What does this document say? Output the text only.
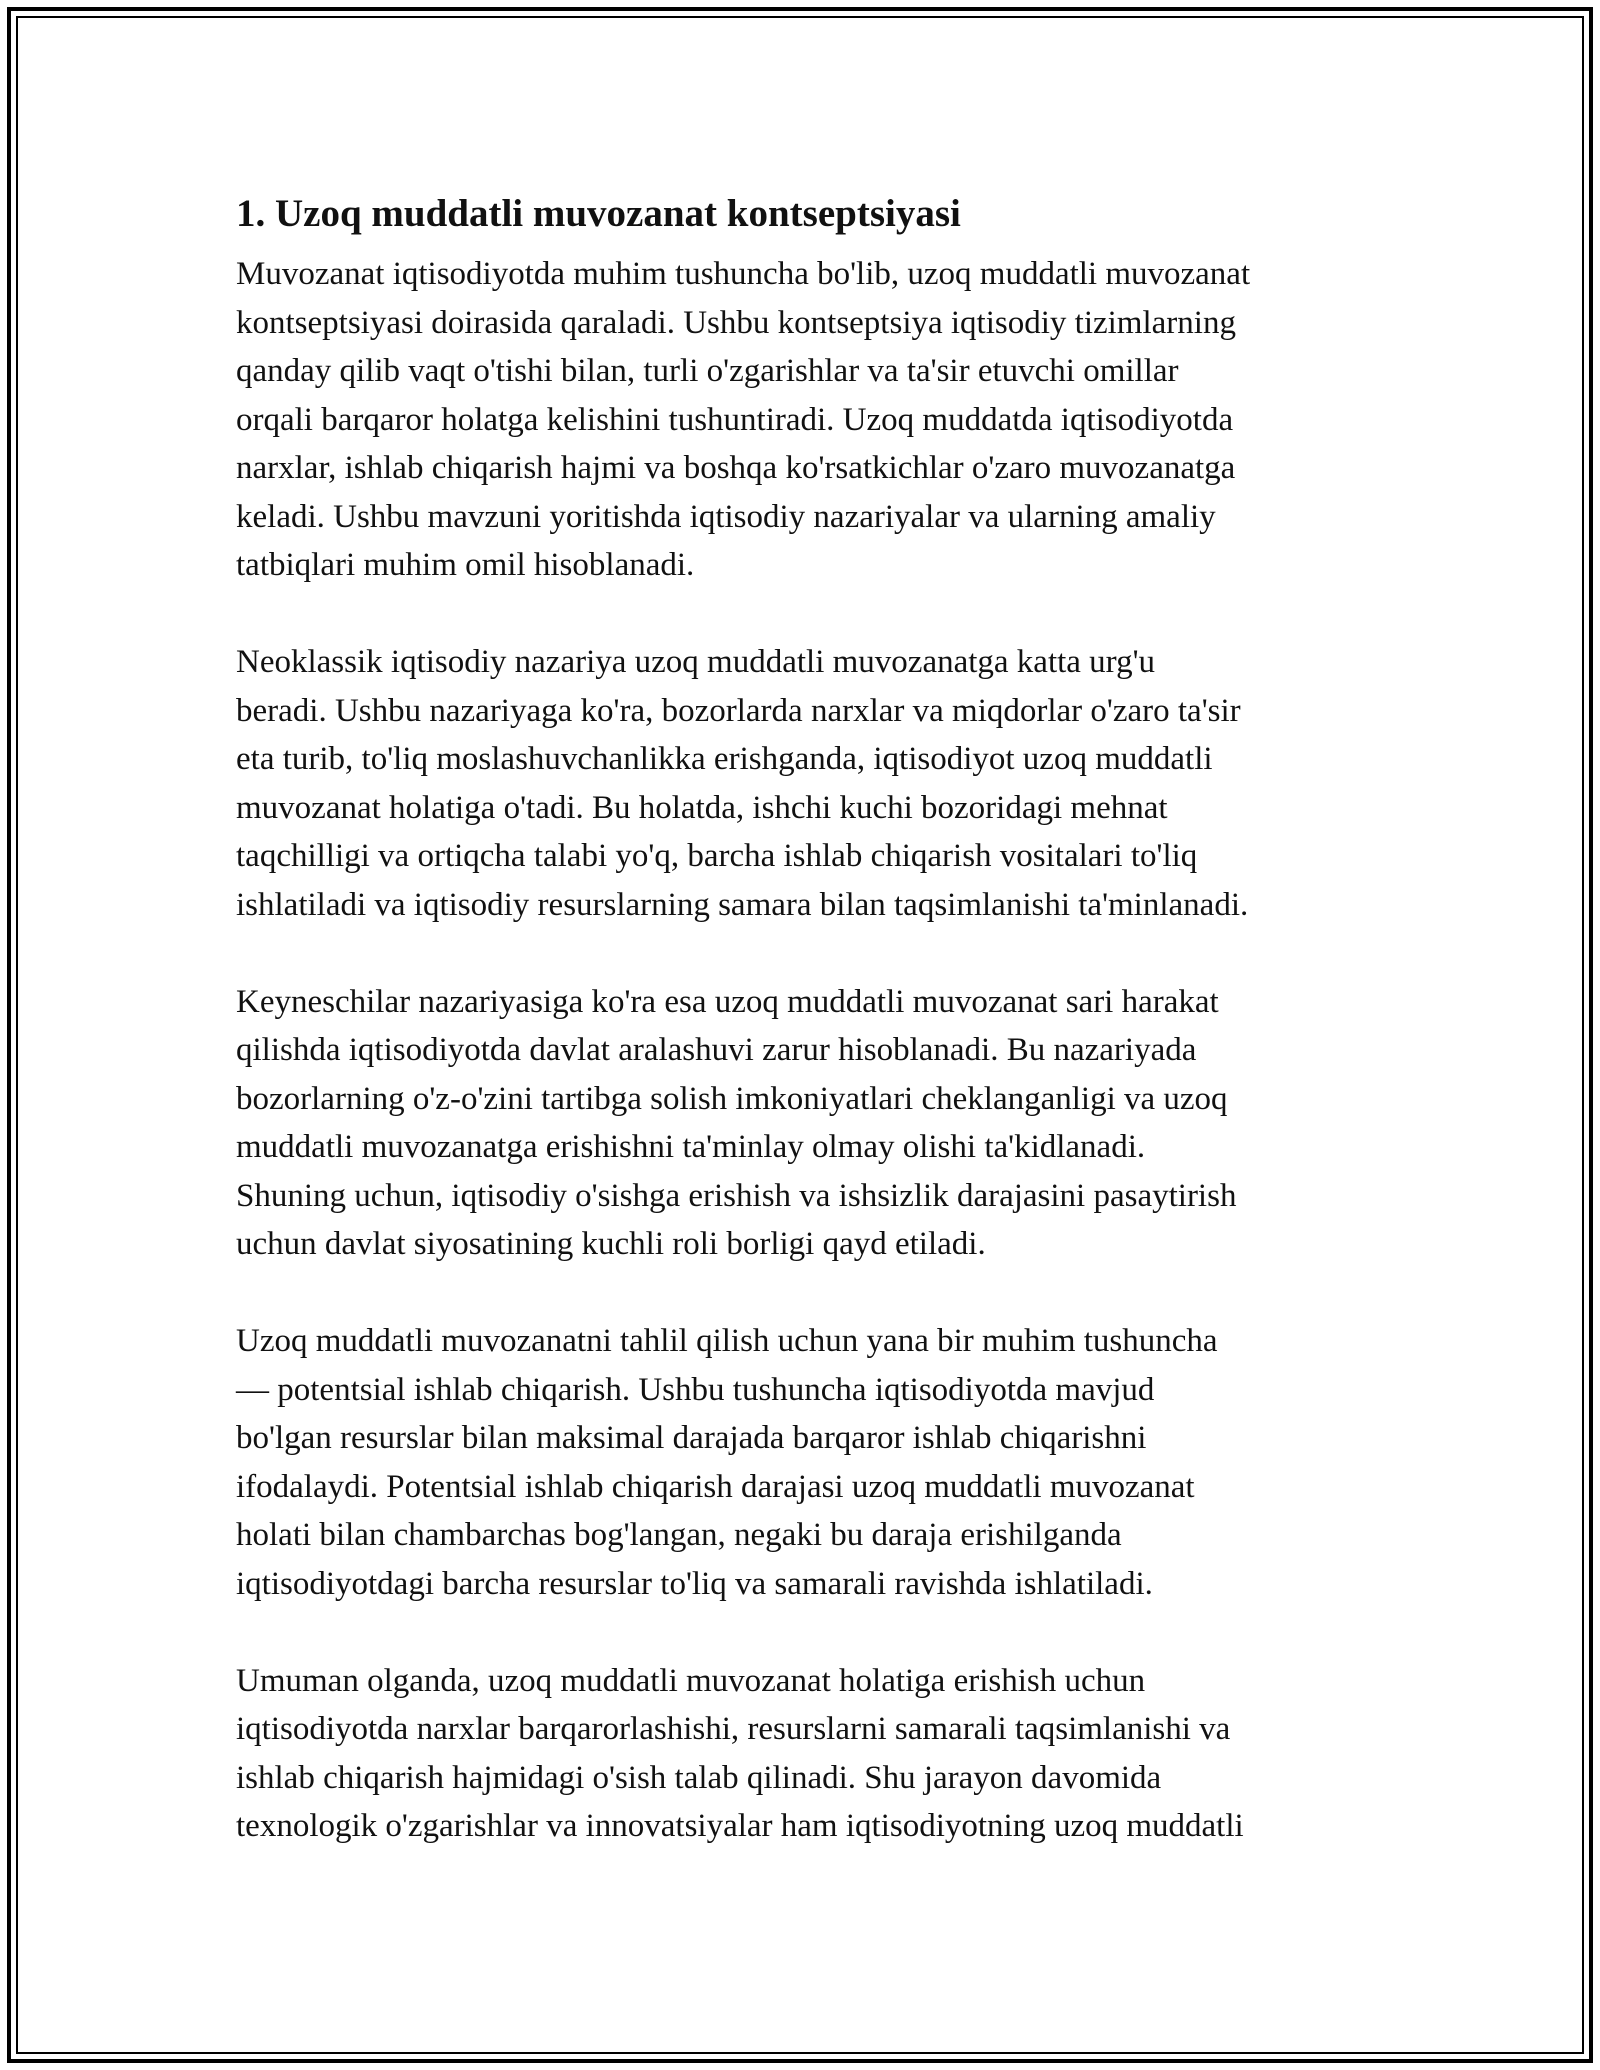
1. Uzoq muddatli muvozanat kontseptsiyasi

Muvozanat iqtisodiyotda muhim tushuncha bo'lib, uzoq muddatli muvozanat
kontseptsiyasi doirasida qaraladi. Ushbu kontseptsiya iqtisodiy tizimlarning
qanday qilib vaqt o'tishi bilan, turli o'zgarishlar va ta'sir etuvchi omillar
orqali barqaror holatga kelishini tushuntiradi. Uzoq muddatda iqtisodiyotda
narxlar, ishlab chiqarish hajmi va boshqa ko'rsatkichlar o'zaro muvozanatga
keladi. Ushbu mavzuni yoritishda iqtisodiy nazariyalar va ularning amaliy
tatbiqlari muhim omil hisoblanadi.

Neoklassik iqtisodiy nazariya uzoq muddatli muvozanatga katta urg'u
beradi. Ushbu nazariyaga ko'ra, bozorlarda narxlar va miqdorlar o'zaro ta'sir
eta turib, to'liq moslashuvchanlikka erishganda, iqtisodiyot uzoq muddatli
muvozanat holatiga o'tadi. Bu holatda, ishchi kuchi bozoridagi mehnat
taqchilligi va ortiqcha talabi yo'q, barcha ishlab chiqarish vositalari to'liq
ishlatiladi va iqtisodiy resurslarning samara bilan taqsimlanishi ta'minlanadi.

Keyneschilar nazariyasiga ko'ra esa uzoq muddatli muvozanat sari harakat
qilishda iqtisodiyotda davlat aralashuvi zarur hisoblanadi. Bu nazariyada
bozorlarning o'z-o'zini tartibga solish imkoniyatlari cheklanganligi va uzoq
muddatli muvozanatga erishishni ta'minlay olmay olishi ta'kidlanadi.
Shuning uchun, iqtisodiy o'sishga erishish va ishsizlik darajasini pasaytirish
uchun davlat siyosatining kuchli roli borligi qayd etiladi.

Uzoq muddatli muvozanatni tahlil qilish uchun yana bir muhim tushuncha
— potentsial ishlab chiqarish. Ushbu tushuncha iqtisodiyotda mavjud
bo'lgan resurslar bilan maksimal darajada barqaror ishlab chiqarishni
ifodalaydi. Potentsial ishlab chiqarish darajasi uzoq muddatli muvozanat
holati bilan chambarchas bog'langan, negaki bu daraja erishilganda
iqtisodiyotdagi barcha resurslar to'liq va samarali ravishda ishlatiladi.

Umuman olganda, uzoq muddatli muvozanat holatiga erishish uchun
iqtisodiyotda narxlar barqarorlashishi, resurslarni samarali taqsimlanishi va
ishlab chiqarish hajmidagi o'sish talab qilinadi. Shu jarayon davomida
texnologik o'zgarishlar va innovatsiyalar ham iqtisodiyotning uzoq muddatli
